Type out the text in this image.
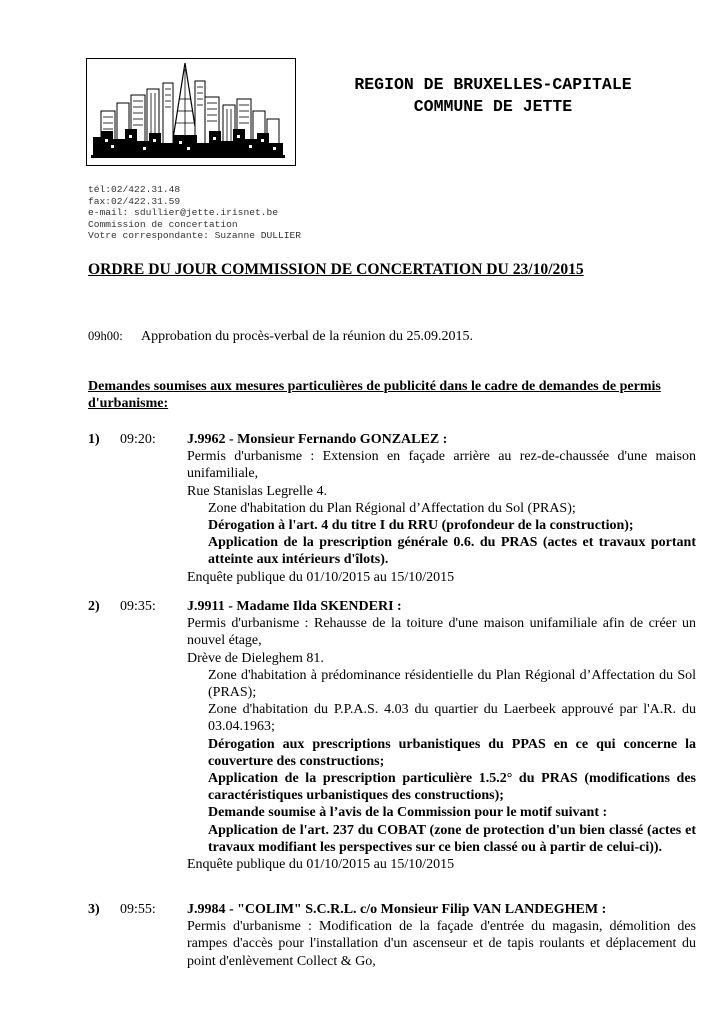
REGION DE BRUXELLES-CAPITALE
COMMUNE DE JETTE
tél:02/422.31.48
fax:02/422.31.59
e-mail: sdullier@jette.irisnet.be
Commission de concertation
Votre correspondante: Suzanne DULLIER
ORDRE DU JOUR COMMISSION DE CONCERTATION DU 23/10/2015
09h00: Approbation du procès-verbal de la réunion du 25.09.2015.
Demandes soumises aux mesures particulières de publicité dans le cadre de demandes de permis d'urbanisme:
1) 09:20: J.9962 - Monsieur Fernando GONZALEZ :
Permis d'urbanisme : Extension en façade arrière au rez-de-chaussée d'une maison unifamiliale,
Rue Stanislas Legrelle 4.
Zone d'habitation du Plan Régional d’Affectation du Sol (PRAS);
Dérogation à l'art. 4 du titre I du RRU (profondeur de la construction);
Application de la prescription générale 0.6. du PRAS (actes et travaux portant atteinte aux intérieurs d'îlots).
Enquête publique du 01/10/2015 au 15/10/2015
2) 09:35: J.9911 - Madame Ilda SKENDERI :
Permis d'urbanisme : Rehausse de la toiture d'une maison unifamiliale afin de créer un nouvel étage,
Drève de Dieleghem 81.
Zone d'habitation à prédominance résidentielle du Plan Régional d’Affectation du Sol (PRAS);
Zone d'habitation du P.P.A.S. 4.03 du quartier du Laerbeek approuvé par l'A.R. du 03.04.1963;
Dérogation aux prescriptions urbanistiques du PPAS en ce qui concerne la couverture des constructions;
Application de la prescription particulière 1.5.2° du PRAS (modifications des caractéristiques urbanistiques des constructions);
Demande soumise à l’avis de la Commission pour le motif suivant :
Application de l'art. 237 du COBAT (zone de protection d'un bien classé (actes et travaux modifiant les perspectives sur ce bien classé ou à partir de celui-ci)).
Enquête publique du 01/10/2015 au 15/10/2015
3) 09:55: J.9984 - "COLIM" S.C.R.L. c/o Monsieur Filip VAN LANDEGHEM :
Permis d'urbanisme : Modification de la façade d'entrée du magasin, démolition des rampes d'accès pour l'installation d'un ascenseur et de tapis roulants et déplacement du point d'enlèvement Collect & Go,
